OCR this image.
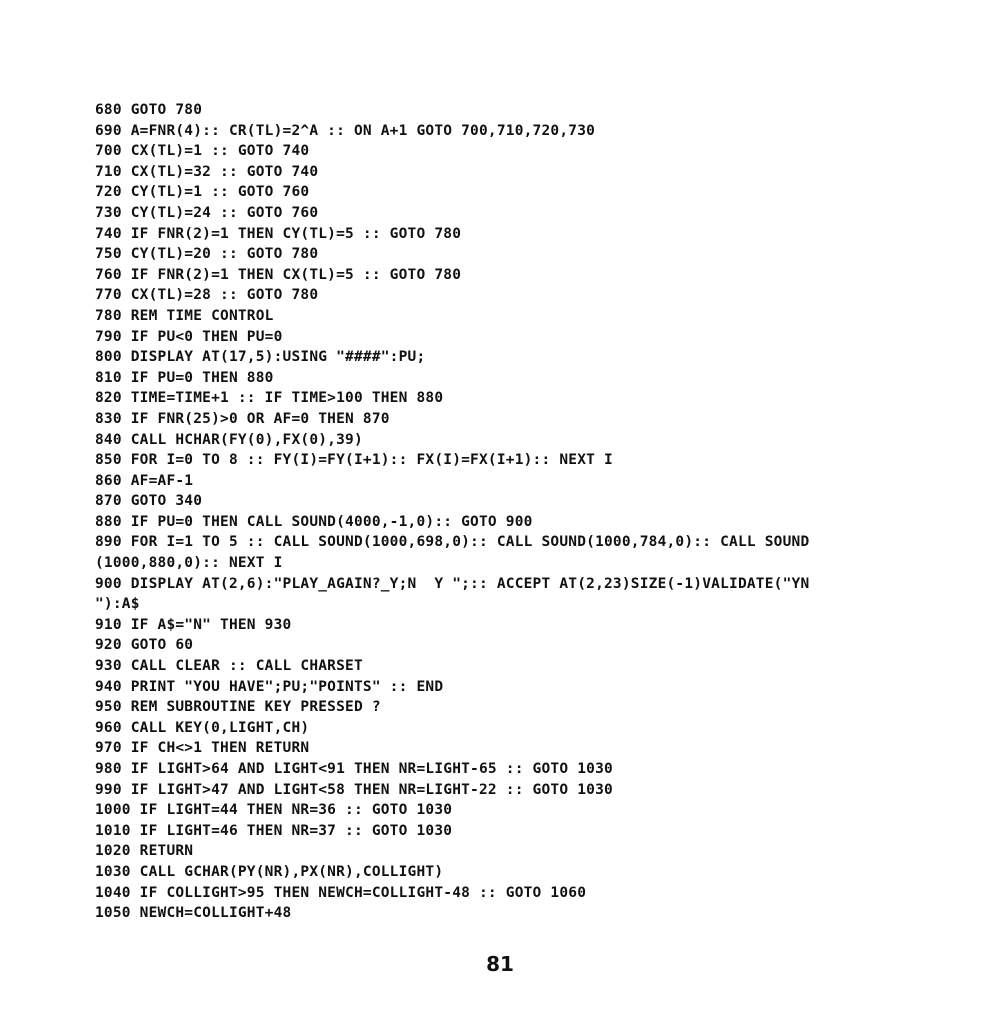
680 GOTO 780
690 A=FNR(4):: CR(TL)=2^A :: ON A+1 GOTO 700,710,720,730
700 CX(TL)=1 :: GOTO 740
710 CX(TL)=32 :: GOTO 740
720 CY(TL)=1 :: GOTO 760
730 CY(TL)=24 :: GOTO 760
740 IF FNR(2)=1 THEN CY(TL)=5 :: GOTO 780
750 CY(TL)=20 :: GOTO 780
760 IF FNR(2)=1 THEN CX(TL)=5 :: GOTO 780
770 CX(TL)=28 :: GOTO 780
780 REM TIME CONTROL
790 IF PU<0 THEN PU=0
800 DISPLAY AT(17,5):USING "####":PU;
810 IF PU=0 THEN 880
820 TIME=TIME+1 :: IF TIME>100 THEN 880
830 IF FNR(25)>0 OR AF=0 THEN 870
840 CALL HCHAR(FY(0),FX(0),39)
850 FOR I=0 TO 8 :: FY(I)=FY(I+1):: FX(I)=FX(I+1):: NEXT I
860 AF=AF-1
870 GOTO 340
880 IF PU=0 THEN CALL SOUND(4000,-1,0):: GOTO 900
890 FOR I=1 TO 5 :: CALL SOUND(1000,698,0):: CALL SOUND(1000,784,0):: CALL SOUND
(1000,880,0):: NEXT I
900 DISPLAY AT(2,6):"PLAY_AGAIN?_Y;N  Y ";:: ACCEPT AT(2,23)SIZE(-1)VALIDATE("YN
"):A$
910 IF A$="N" THEN 930
920 GOTO 60
930 CALL CLEAR :: CALL CHARSET
940 PRINT "YOU HAVE";PU;"POINTS" :: END
950 REM SUBROUTINE KEY PRESSED ?
960 CALL KEY(0,LIGHT,CH)
970 IF CH<>1 THEN RETURN
980 IF LIGHT>64 AND LIGHT<91 THEN NR=LIGHT-65 :: GOTO 1030
990 IF LIGHT>47 AND LIGHT<58 THEN NR=LIGHT-22 :: GOTO 1030
1000 IF LIGHT=44 THEN NR=36 :: GOTO 1030
1010 IF LIGHT=46 THEN NR=37 :: GOTO 1030
1020 RETURN
1030 CALL GCHAR(PY(NR),PX(NR),COLLIGHT)
1040 IF COLLIGHT>95 THEN NEWCH=COLLIGHT-48 :: GOTO 1060
1050 NEWCH=COLLIGHT+48
81
